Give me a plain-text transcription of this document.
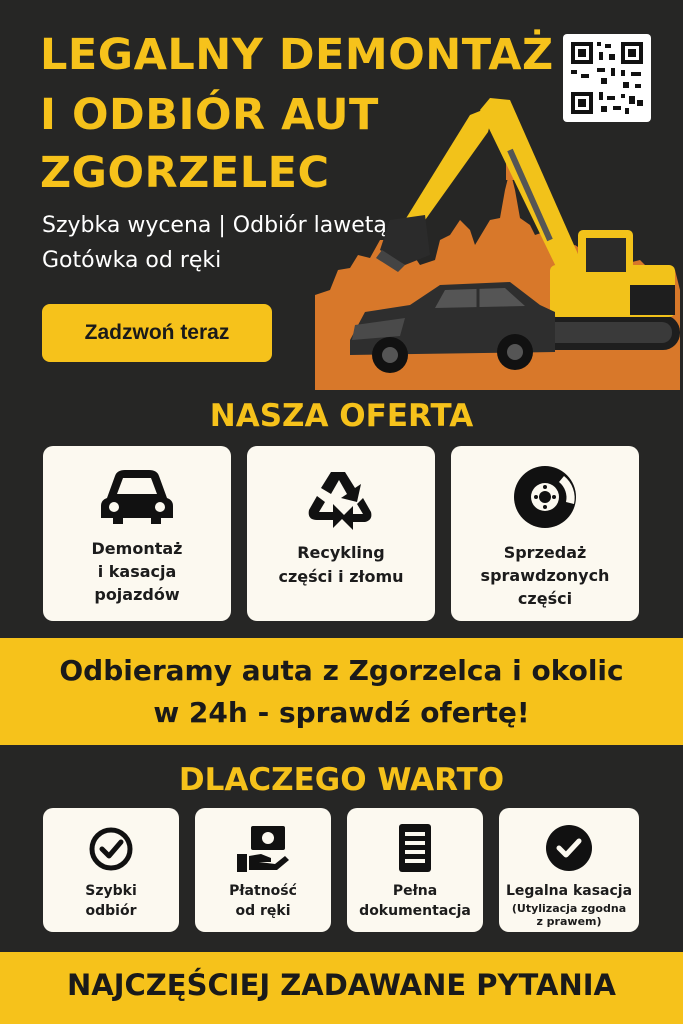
LEGALNY DEMONTAŻ
I ODBIÓR AUT
ZGORZELEC
Szybka wycena | Odbiór lawetą
Gotówka od ręki
Zadzwoń teraz
NASZA OFERTA
Demontaż
i kasacja
pojazdów
Recykling
części i złomu
Sprzedaż
sprawdzonych
części
Odbieramy auta z Zgorzelca i okolic
w 24h - sprawdź ofertę!
DLACZEGO WARTO
Szybki
odbiór
Płatność
od ręki
Pełna
dokumentacja
Legalna kasacja
(Utylizacja zgodna
z prawem)
NAJCZĘŚCIEJ ZADAWANE PYTANIA
